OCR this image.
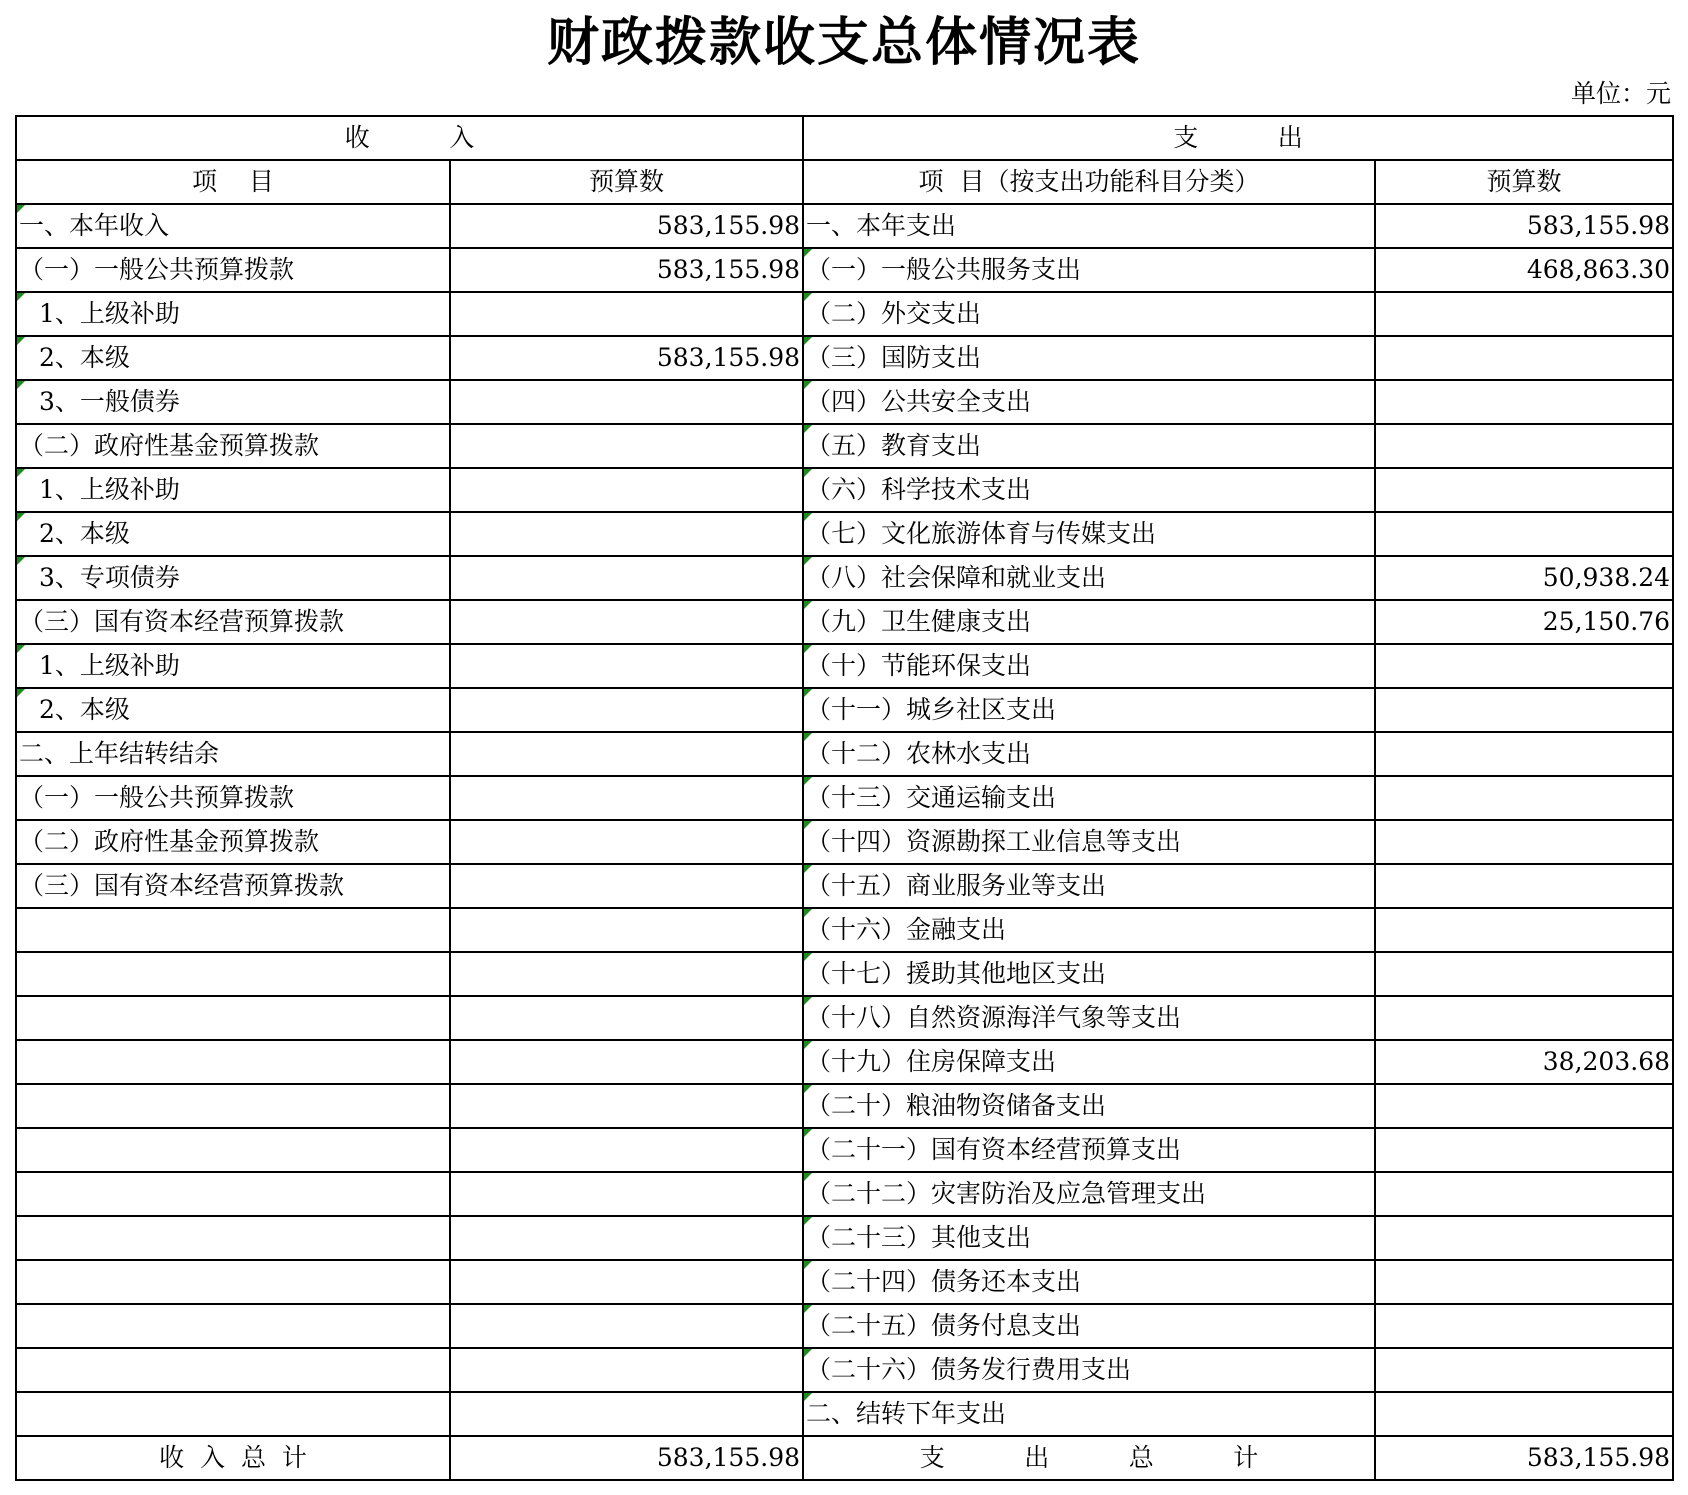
财政拨款收支总体情况表
单位：元
收          入		支          出	
项    目	预算数	项  目（按支出功能科目分类）	预算数
一、本年收入	583,155.98	一、本年支出	583,155.98
（一）一般公共预算拨款	583,155.98	（一）一般公共服务支出	468,863.30
1、上级补助		（二）外交支出	
2、本级	583,155.98	（三）国防支出	
3、一般债券		（四）公共安全支出	
（二）政府性基金预算拨款		（五）教育支出	
1、上级补助		（六）科学技术支出	
2、本级		（七）文化旅游体育与传媒支出	
3、专项债券		（八）社会保障和就业支出	50,938.24
（三）国有资本经营预算拨款		（九）卫生健康支出	25,150.76
1、上级补助		（十）节能环保支出	
2、本级		（十一）城乡社区支出	
二、上年结转结余		（十二）农林水支出	
（一）一般公共预算拨款		（十三）交通运输支出	
（二）政府性基金预算拨款		（十四）资源勘探工业信息等支出	
（三）国有资本经营预算拨款		（十五）商业服务业等支出	
		（十六）金融支出	
		（十七）援助其他地区支出	
		（十八）自然资源海洋气象等支出	
		（十九）住房保障支出	38,203.68
		（二十）粮油物资储备支出	
		（二十一）国有资本经营预算支出	
		（二十二）灾害防治及应急管理支出	
		（二十三）其他支出	
		（二十四）债务还本支出	
		（二十五）债务付息支出	
		（二十六）债务发行费用支出	
		二、结转下年支出	
收  入  总  计	583,155.98	支          出          总          计	583,155.98
